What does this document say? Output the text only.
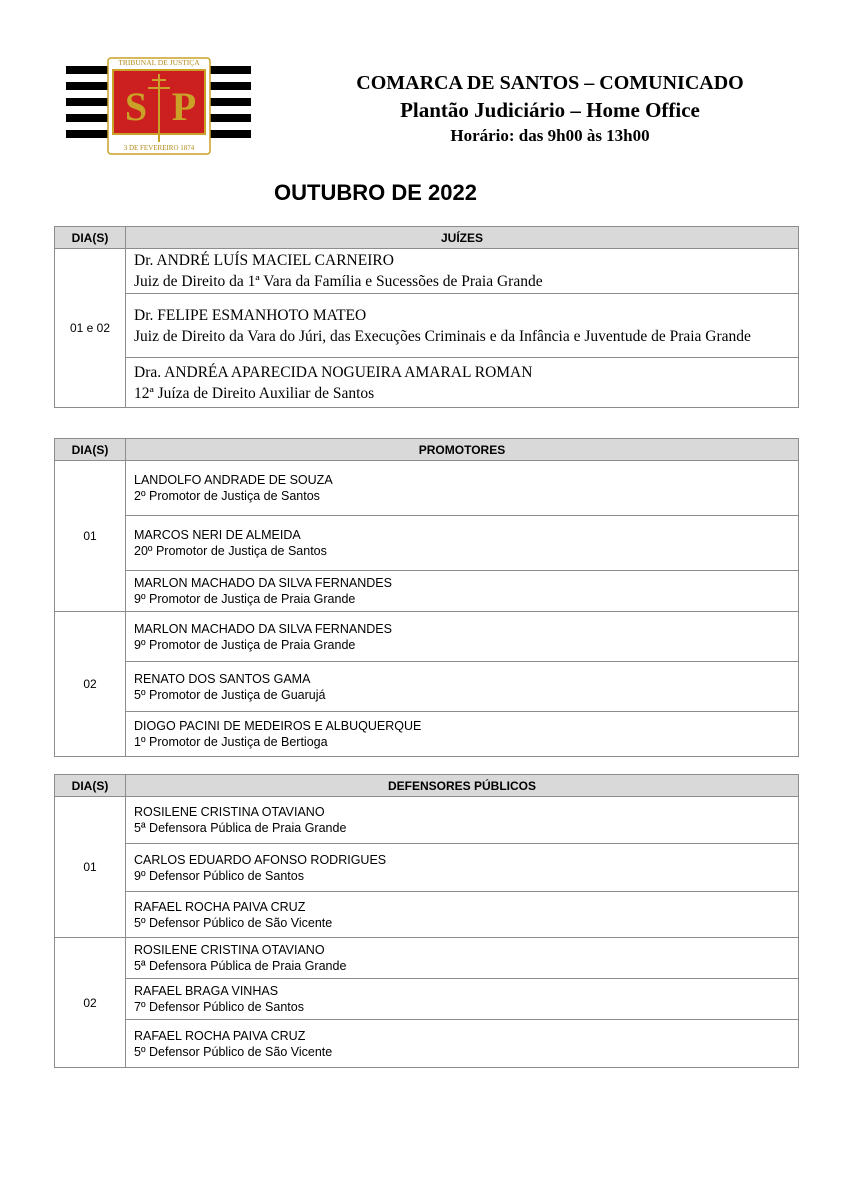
TRIBUNAL DE JUSTIÇA
S P
3 DE FEVEREIRO 1874
COMARCA DE SANTOS – COMUNICADO
Plantão Judiciário – Home Office
Horário: das 9h00 às 13h00
OUTUBRO DE 2022
DIA(S)	JUÍZES
01 e 02	Dr. ANDRÉ LUÍS MACIEL CARNEIRO
Juiz de Direito da 1ª Vara da Família e Sucessões de Praia Grande

	Dr. FELIPE ESMANHOTO MATEO
Juiz de Direito da Vara do Júri, das Execuções Criminais e da Infância e Juventude de Praia Grande

	Dra. ANDRÉA APARECIDA NOGUEIRA AMARAL ROMAN
12ª Juíza de Direito Auxiliar de Santos
DIA(S)	PROMOTORES
01	LANDOLFO ANDRADE DE SOUZA
2º Promotor de Justiça de Santos

	MARCOS NERI DE ALMEIDA
20º Promotor de Justiça de Santos

	MARLON MACHADO DA SILVA FERNANDES
9º Promotor de Justiça de Praia Grande

02	MARLON MACHADO DA SILVA FERNANDES
9º Promotor de Justiça de Praia Grande

	RENATO DOS SANTOS GAMA
5º Promotor de Justiça de Guarujá

	DIOGO PACINI DE MEDEIROS E ALBUQUERQUE
1º Promotor de Justiça de Bertioga
DIA(S)	DEFENSORES PÚBLICOS
01	ROSILENE CRISTINA OTAVIANO
5ª Defensora Pública de Praia Grande

	CARLOS EDUARDO AFONSO RODRIGUES
9º Defensor Público de Santos

	RAFAEL ROCHA PAIVA CRUZ
5º Defensor Público de São Vicente

02	ROSILENE CRISTINA OTAVIANO
5ª Defensora Pública de Praia Grande

	RAFAEL BRAGA VINHAS
7º Defensor Público de Santos

	RAFAEL ROCHA PAIVA CRUZ
5º Defensor Público de São Vicente
